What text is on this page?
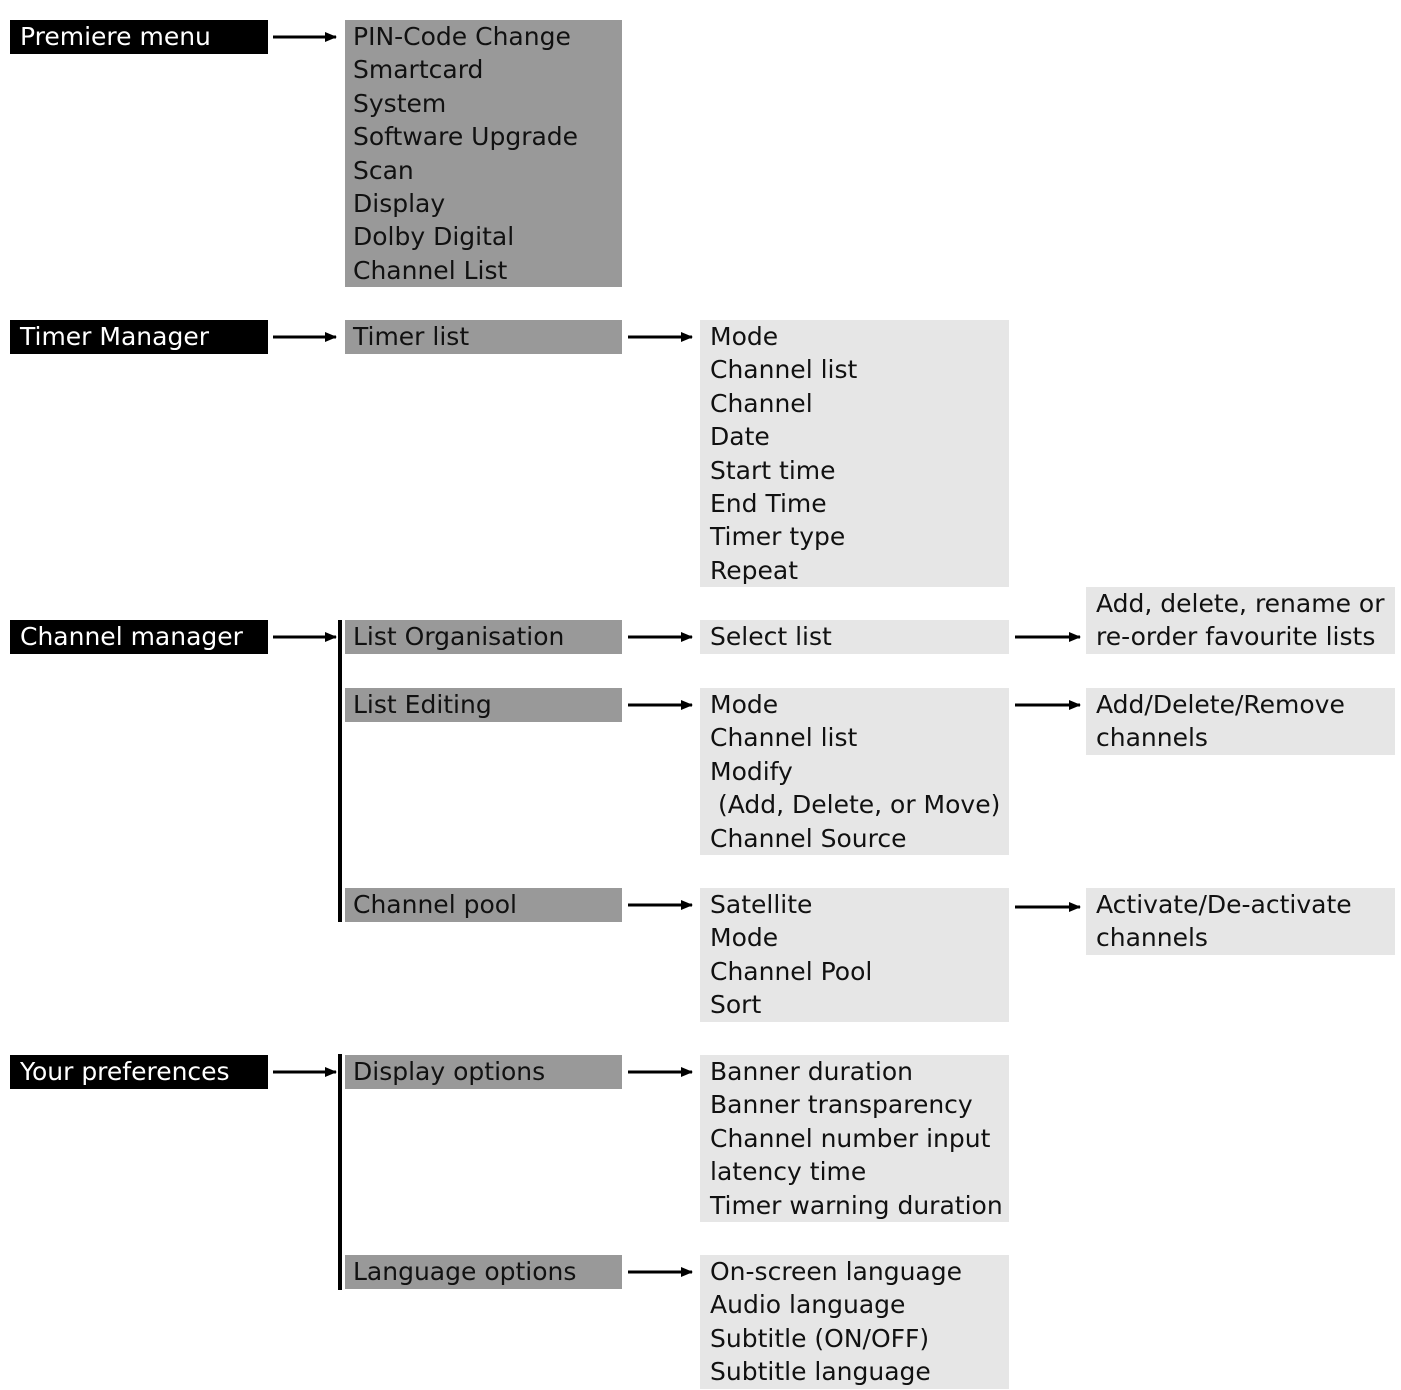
Premiere menu	PIN-Code Change
Smartcard
System
Software Upgrade
Scan
Display
Dolby Digital
Channel List
Timer Manager	Timer list	Mode
Channel list
Channel
Date
Start time
End Time
Timer type
Repeat
Channel manager	List Organisation	Select list
Add, delete, rename or
re-order favourite lists
List Editing	Mode
Channel list
Modify
(Add, Delete, or Move)
Channel Source
Add/Delete/Remove
channels
Channel pool	Satellite
Mode
Channel Pool
Sort
Activate/De-activate
channels
Your preferences	Display options	Banner duration
Banner transparency
Channel number input
latency time
Timer warning duration
Language options	On-screen language
Audio language
Subtitle (ON/OFF)
Subtitle language
